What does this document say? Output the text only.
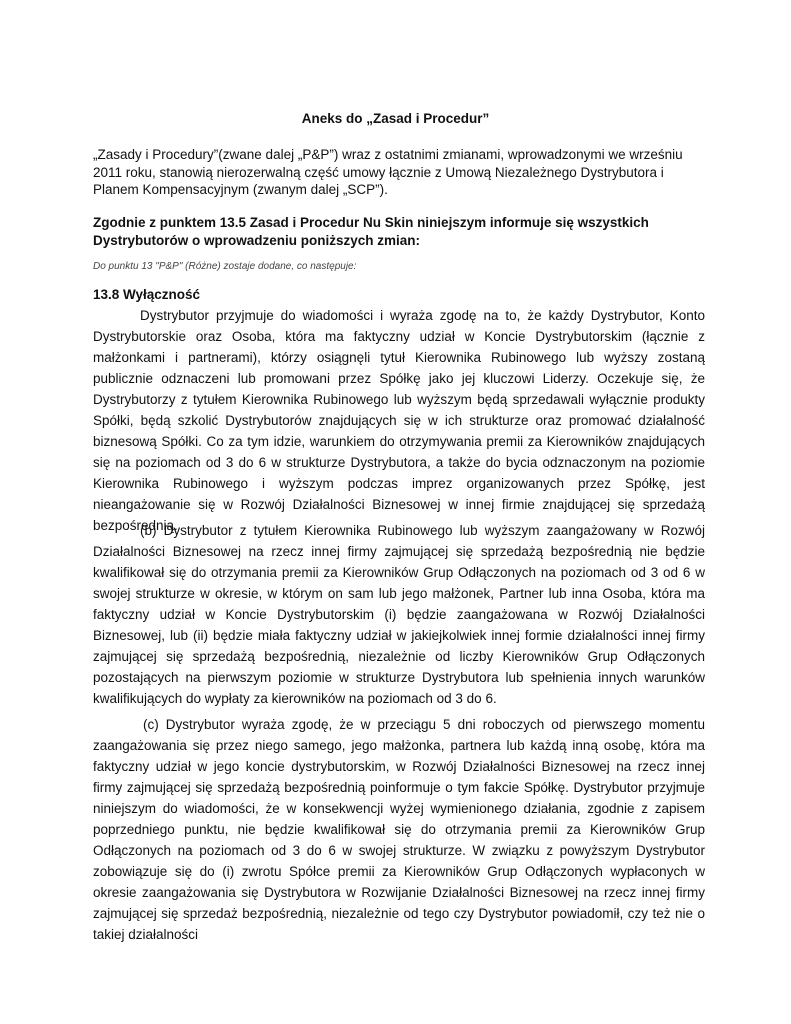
Aneks do „Zasad i Procedur”
„Zasady i Procedury”(zwane dalej „P&P”) wraz z ostatnimi zmianami, wprowadzonymi we wrześniu 2011 roku, stanowią nierozerwalną część umowy łącznie z Umową Niezależnego Dystrybutora i Planem Kompensacyjnym (zwanym dalej „SCP”).
Zgodnie z punktem 13.5 Zasad i Procedur Nu Skin niniejszym informuje się wszystkich Dystrybutorów o wprowadzeniu poniższych zmian:
Do punktu 13 "P&P" (Różne) zostaje dodane, co następuje:
13.8 Wyłączność
Dystrybutor przyjmuje do wiadomości i wyraża zgodę na to, że każdy Dystrybutor, Konto Dystrybutorskie oraz Osoba, która ma faktyczny udział w Koncie Dystrybutorskim (łącznie z małżonkami i partnerami), którzy osiągnęli tytuł Kierownika Rubinowego lub wyższy zostaną publicznie odznaczeni lub promowani przez Spółkę jako jej kluczowi Liderzy. Oczekuje się, że Dystrybutorzy z tytułem Kierownika Rubinowego lub wyższym będą sprzedawali wyłącznie produkty Spółki, będą szkolić Dystrybutorów znajdujących się w ich strukturze oraz promować działalność biznesową Spółki. Co za tym idzie, warunkiem do otrzymywania premii za Kierowników znajdujących się na poziomach od 3 do 6 w strukturze Dystrybutora, a także do bycia odznaczonym na poziomie Kierownika Rubinowego i wyższym podczas imprez organizowanych przez Spółkę, jest nieangażowanie się w Rozwój Działalności Biznesowej w innej firmie znajdującej się sprzedażą bezpośrednią.
(b) Dystrybutor z tytułem Kierownika Rubinowego lub wyższym zaangażowany w Rozwój Działalności Biznesowej na rzecz innej firmy zajmującej się sprzedażą bezpośrednią nie będzie kwalifikował się do otrzymania premii za Kierowników Grup Odłączonych na poziomach od 3 od 6 w swojej strukturze w okresie, w którym on sam lub jego małżonek, Partner lub inna Osoba, która ma faktyczny udział w Koncie Dystrybutorskim (i) będzie zaangażowana w Rozwój Działalności Biznesowej, lub (ii) będzie miała faktyczny udział w jakiejkolwiek innej formie działalności innej firmy zajmującej się sprzedażą bezpośrednią, niezależnie od liczby Kierowników Grup Odłączonych pozostających na pierwszym poziomie w strukturze Dystrybutora lub spełnienia innych warunków kwalifikujących do wypłaty za kierowników na poziomach od 3 do 6.
(c) Dystrybutor wyraża zgodę, że w przeciągu 5 dni roboczych od pierwszego momentu zaangażowania się przez niego samego, jego małżonka, partnera lub każdą inną osobę, która ma faktyczny udział w jego koncie dystrybutorskim, w Rozwój Działalności Biznesowej na rzecz innej firmy zajmującej się sprzedażą bezpośrednią poinformuje o tym fakcie Spółkę. Dystrybutor przyjmuje niniejszym do wiadomości, że w konsekwencji wyżej wymienionego działania, zgodnie z zapisem poprzedniego punktu, nie będzie kwalifikował się do otrzymania premii za Kierowników Grup Odłączonych na poziomach od 3 do 6 w swojej strukturze. W związku z powyższym Dystrybutor zobowiązuje się do (i) zwrotu Spółce premii za Kierowników Grup Odłączonych wypłaconych w okresie zaangażowania się Dystrybutora w Rozwijanie Działalności Biznesowej na rzecz innej firmy zajmującej się sprzedaż bezpośrednią, niezależnie od tego czy Dystrybutor powiadomił, czy też nie o takiej działalności
